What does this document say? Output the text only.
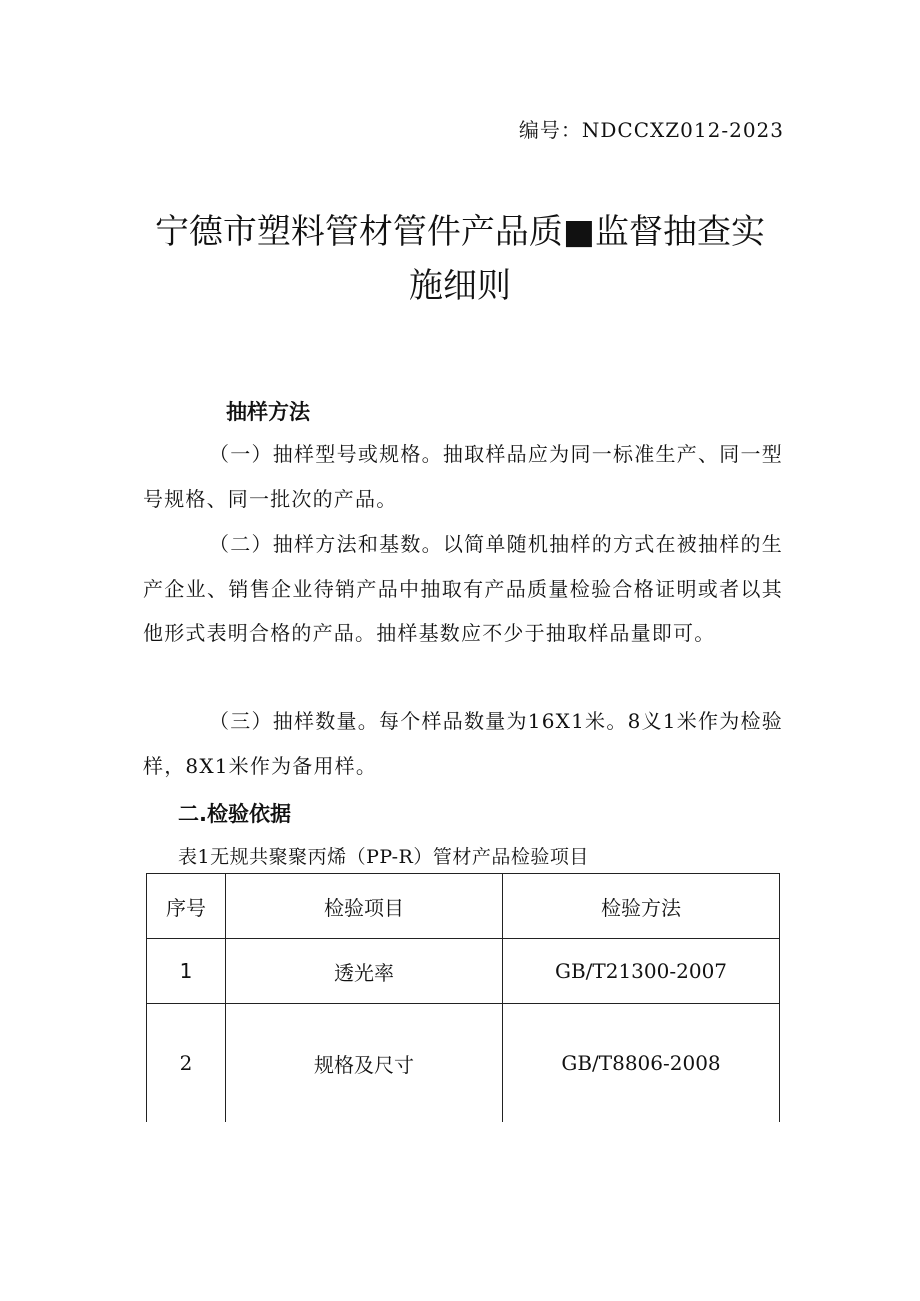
编号：NDCCXZ012-2023
宁德市塑料管材管件产品质■监督抽查实
施细则
抽样方法
（一）抽样型号或规格。抽取样品应为同一标准生产、同一型号规格、同一批次的产品。
（二）抽样方法和基数。以简单随机抽样的方式在被抽样的生产企业、销售企业待销产品中抽取有产品质量检验合格证明或者以其他形式表明合格的产品。抽样基数应不少于抽取样品量即可。
（三）抽样数量。每个样品数量为16X1米。8义1米作为检验样，8X1米作为备用样。
二.检验依据
表1无规共聚聚丙烯（PP-R）管材产品检验项目
序号	检验项目	检验方法
1	透光率	GB/T21300-2007
2	规格及尺寸	GB/T8806-2008
